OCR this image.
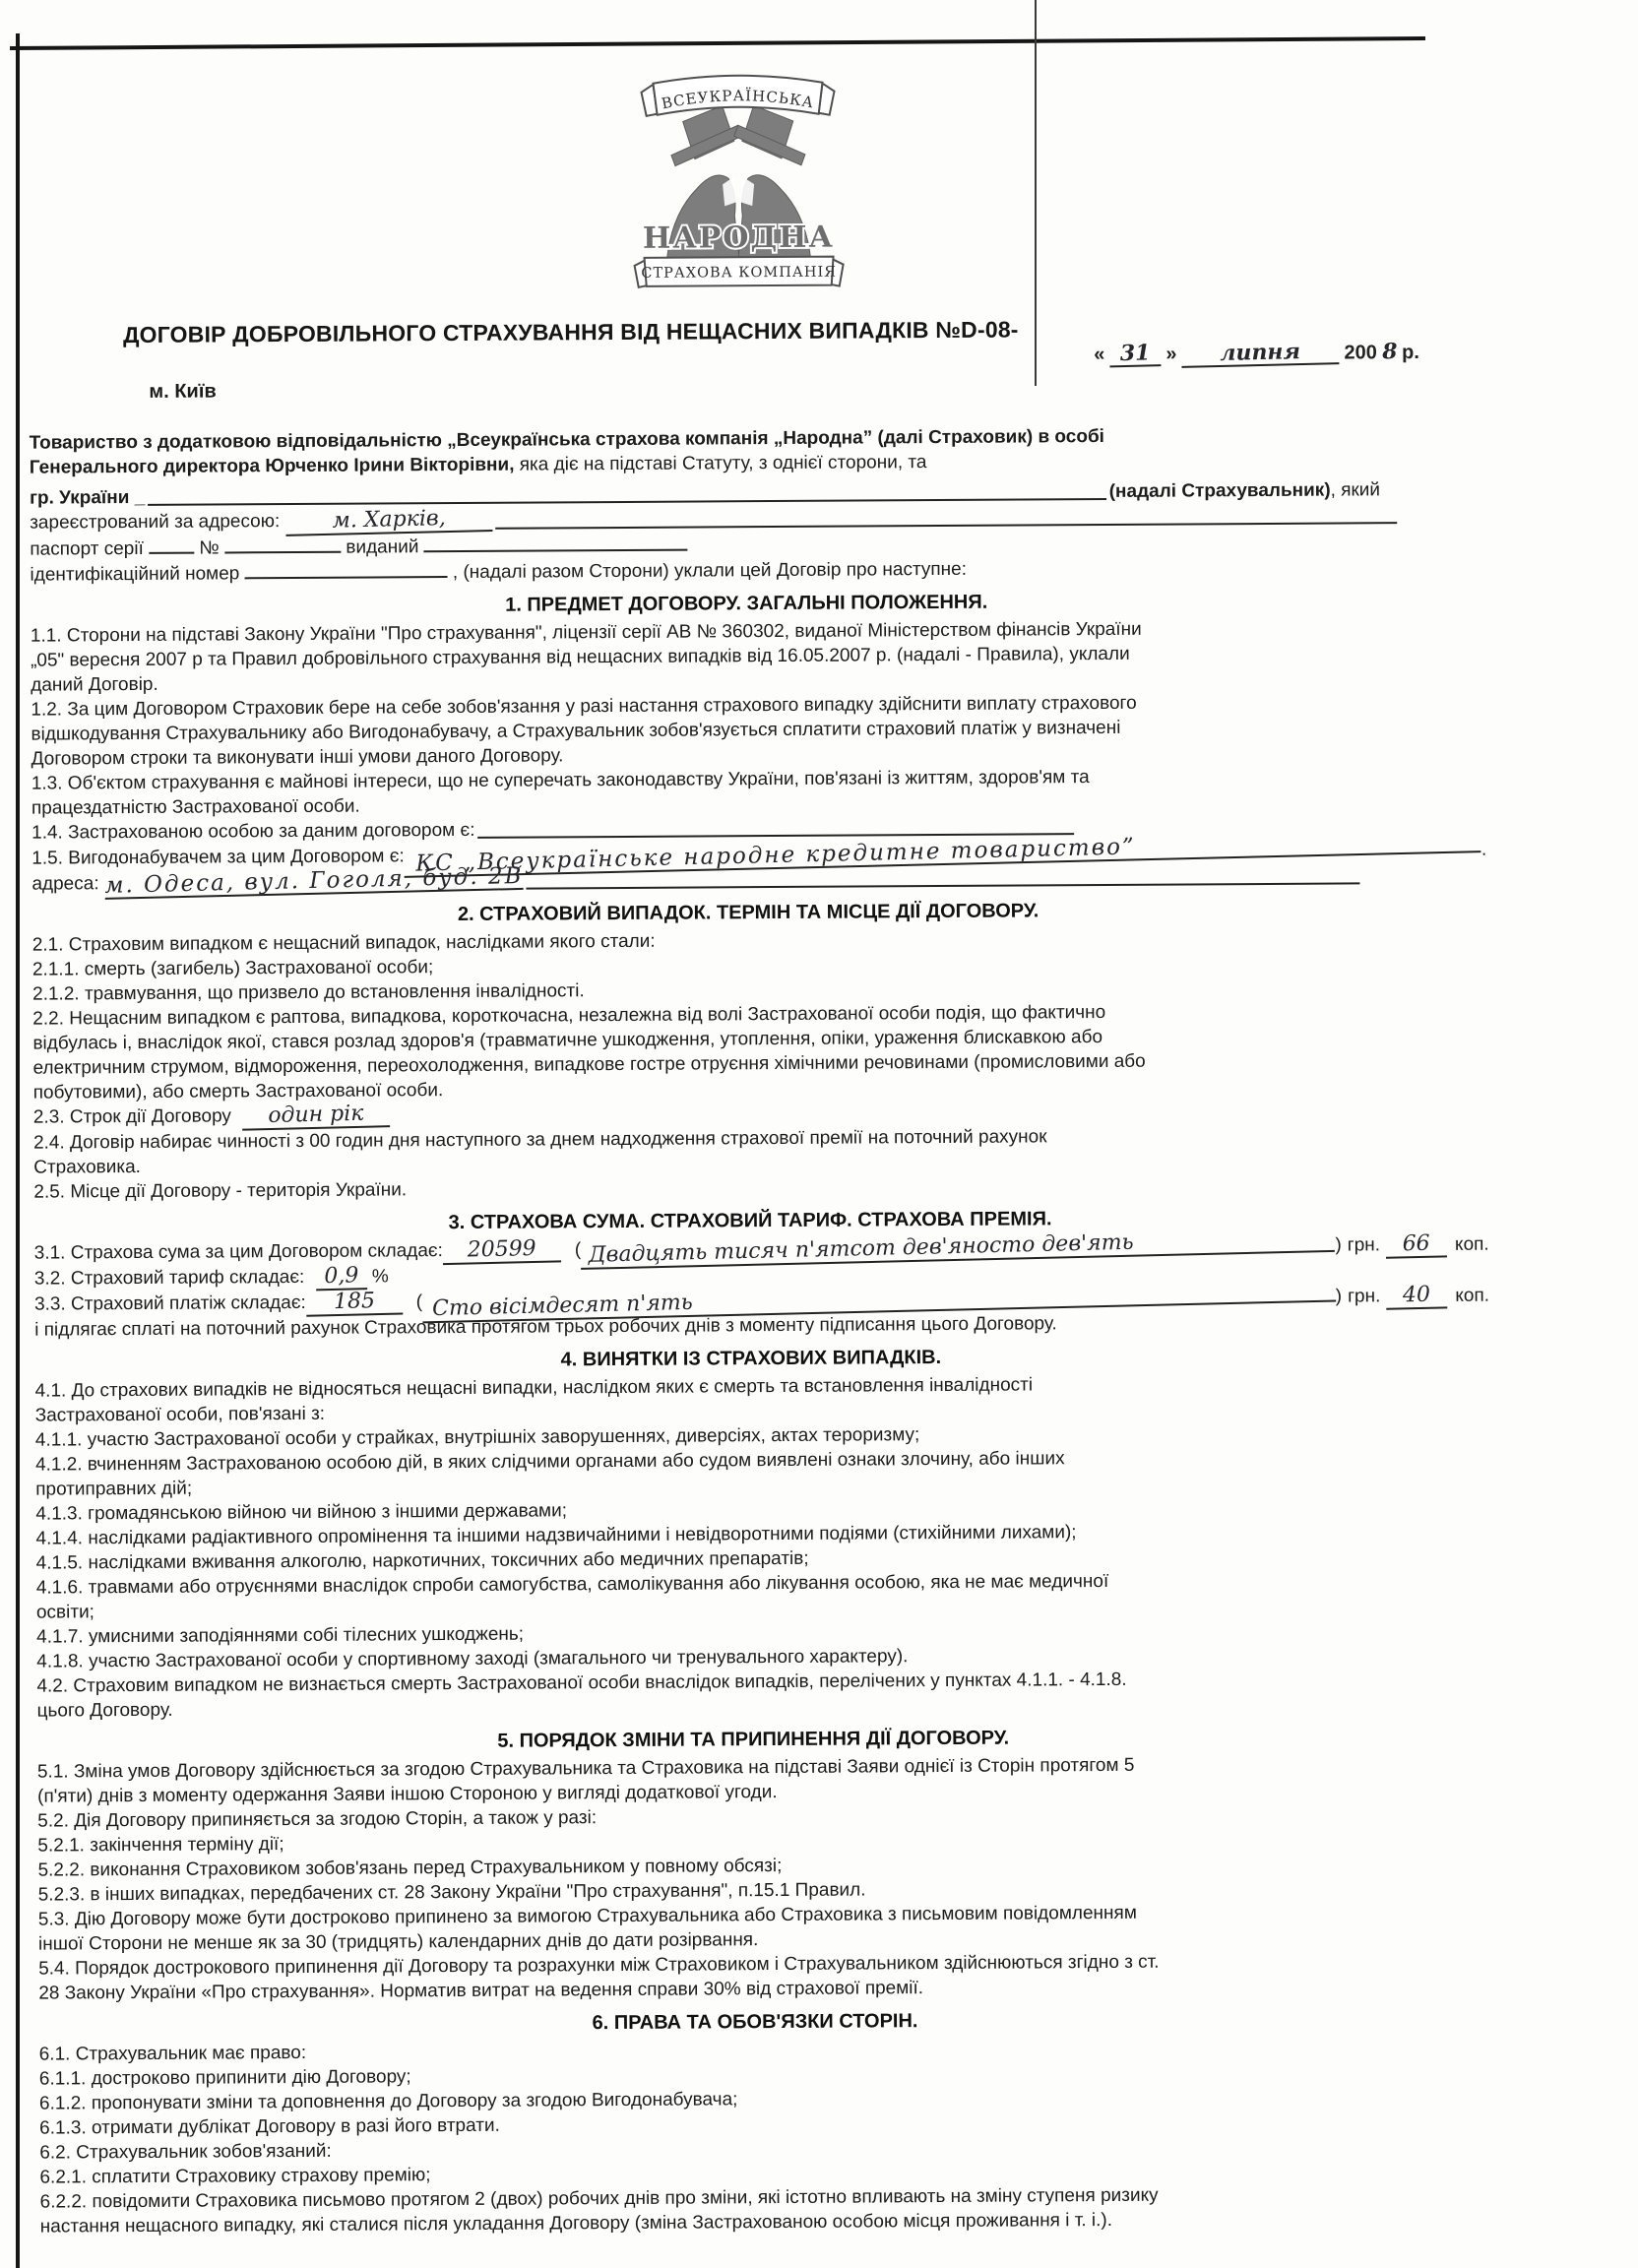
НАРОДНА
ВСЕУКРАЇНСЬКА
СТРАХОВА КОМПАНІЯ
ДОГОВІР ДОБРОВІЛЬНОГО СТРАХУВАННЯ ВІД НЕЩАСНИХ ВИПАДКІВ №D-08-
м. Київ
« 31 »	липня	200 8 р.

Товариство з додатковою відповідальністю „Всеукраїнська страхова компанія „Народна” (далі Страховик) в особі Генерального директора Юрченко Ірини Вікторівни, яка діє на підставі Статуту, з однієї сторони, та

гр. України _	(надалі Страхувальник) , який
зареєстрований за адресою:	м. Харків,

паспорт серії	№	виданий

ідентифікаційний номер	, (надалі разом Сторони) уклали цей Договір про наступне:

1. ПРЕДМЕТ ДОГОВОРУ. ЗАГАЛЬНІ ПОЛОЖЕННЯ.

1.1. Сторони на підставі Закону України "Про страхування", ліцензії серії АВ № 360302, виданої Міністерством фінансів України „05" вересня 2007 р та Правил добровільного страхування від нещасних випадків від 16.05.2007 р. (надалі - Правила), уклали даний Договір.

1.2. За цим Договором Страховик бере на себе зобов'язання у разі настання страхового випадку здійснити виплату страхового відшкодування Страхувальнику або Вигодонабувачу, а Страхувальник зобов'язується сплатити страховий платіж у визначені Договором строки та виконувати інші умови даного Договору.

1.3. Об'єктом страхування є майнові інтереси, що не суперечать законодавству України, пов'язані із життям, здоров'ям та працездатністю Застрахованої особи.

1.4. Застрахованою особою за даним договором є:
1.5. Вигодонабувачем за цим Договором є: КС „Всеукраїнське народне кредитне товариство”	.
адреса: м. Одеса, вул. Гоголя, буд. 2В
2. СТРАХОВИЙ ВИПАДОК. ТЕРМІН ТА МІСЦЕ ДІЇ ДОГОВОРУ.

2.1. Страховим випадком є нещасний випадок, наслідками якого стали:

2.1.1. смерть (загибель) Застрахованої особи;

2.1.2. травмування, що призвело до встановлення інвалідності.

2.2. Нещасним випадком є раптова, випадкова, короткочасна, незалежна від волі Застрахованої особи подія, що фактично відбулась і, внаслідок якої, стався розлад здоров'я (травматичне ушкодження, утоплення, опіки, ураження блискавкою або електричним струмом, відмороження, переохолодження, випадкове гостре отруєння хімічними речовинами (промисловими або побутовими), або смерть Застрахованої особи.

2.3. Строк дії Договору один рік

2.4. Договір набирає чинності з 00 годин дня наступного за днем надходження страхової премії на поточний рахунок Страховика.

2.5. Місце дії Договору - територія України.

3. СТРАХОВА СУМА. СТРАХОВИЙ ТАРИФ. СТРАХОВА ПРЕМІЯ.
3.1. Страхова сума за цим Договором складає:	20599	( Двадцять тисяч п'ятсот дев'яносто дев'ять	) грн.	66	коп.

3.2. Страховий тариф складає: 0,9 %

3.3. Страховий платіж складає:	185	( Сто вісімдесят п'ять	) грн.	40	коп.

і підлягає сплаті на поточний рахунок Страховика протягом трьох робочих днів з моменту підписання цього Договору.

4. ВИНЯТКИ ІЗ СТРАХОВИХ ВИПАДКІВ.

4.1. До страхових випадків не відносяться нещасні випадки, наслідком яких є смерть та встановлення інвалідності Застрахованої особи, пов'язані з:

4.1.1. участю Застрахованої особи у страйках, внутрішніх заворушеннях, диверсіях, актах тероризму;

4.1.2. вчиненням Застрахованою особою дій, в яких слідчими органами або судом виявлені ознаки злочину, або інших протиправних дій;

4.1.3. громадянською війною чи війною з іншими державами;

4.1.4. наслідками радіактивного опромінення та іншими надзвичайними і невідворотними подіями (стихійними лихами);

4.1.5. наслідками вживання алкоголю, наркотичних, токсичних або медичних препаратів;

4.1.6. травмами або отруєннями внаслідок спроби самогубства, самолікування або лікування особою, яка не має медичної освіти;

4.1.7. умисними заподіяннями собі тілесних ушкоджень;

4.1.8. участю Застрахованої особи у спортивному заході (змагального чи тренувального характеру).

4.2. Страховим випадком не визнається смерть Застрахованої особи внаслідок випадків, перелічених у пунктах 4.1.1. - 4.1.8. цього Договору.

5. ПОРЯДОК ЗМІНИ ТА ПРИПИНЕННЯ ДІЇ ДОГОВОРУ.

5.1. Зміна умов Договору здійснюється за згодою Страхувальника та Страховика на підставі Заяви однієї із Сторін протягом 5 (п'яти) днів з моменту одержання Заяви іншою Стороною у вигляді додаткової угоди.

5.2. Дія Договору припиняється за згодою Сторін, а також у разі:

5.2.1. закінчення терміну дії;

5.2.2. виконання Страховиком зобов'язань перед Страхувальником у повному обсязі;

5.2.3. в інших випадках, передбачених ст. 28 Закону України "Про страхування", п.15.1 Правил.

5.3. Дію Договору може бути достроково припинено за вимогою Страхувальника або Страховика з письмовим повідомленням іншої Сторони не менше як за 30 (тридцять) календарних днів до дати розірвання.

5.4. Порядок дострокового припинення дії Договору та розрахунки між Страховиком і Страхувальником здійснюються згідно з ст. 28 Закону України «Про страхування». Норматив витрат на ведення справи 30% від страхової премії.

6. ПРАВА ТА ОБОВ'ЯЗКИ СТОРІН.

6.1. Страхувальник має право:

6.1.1. достроково припинити дію Договору;

6.1.2. пропонувати зміни та доповнення до Договору за згодою Вигодонабувача;

6.1.3. отримати дублікат Договору в разі його втрати.

6.2. Страхувальник зобов'язаний:

6.2.1. сплатити Страховику страхову премію;

6.2.2. повідомити Страховика письмово протягом 2 (двох) робочих днів про зміни, які істотно впливають на зміну ступеня ризику настання нещасного випадку, які сталися після укладання Договору (зміна Застрахованою особою місця проживання і т. і.).
